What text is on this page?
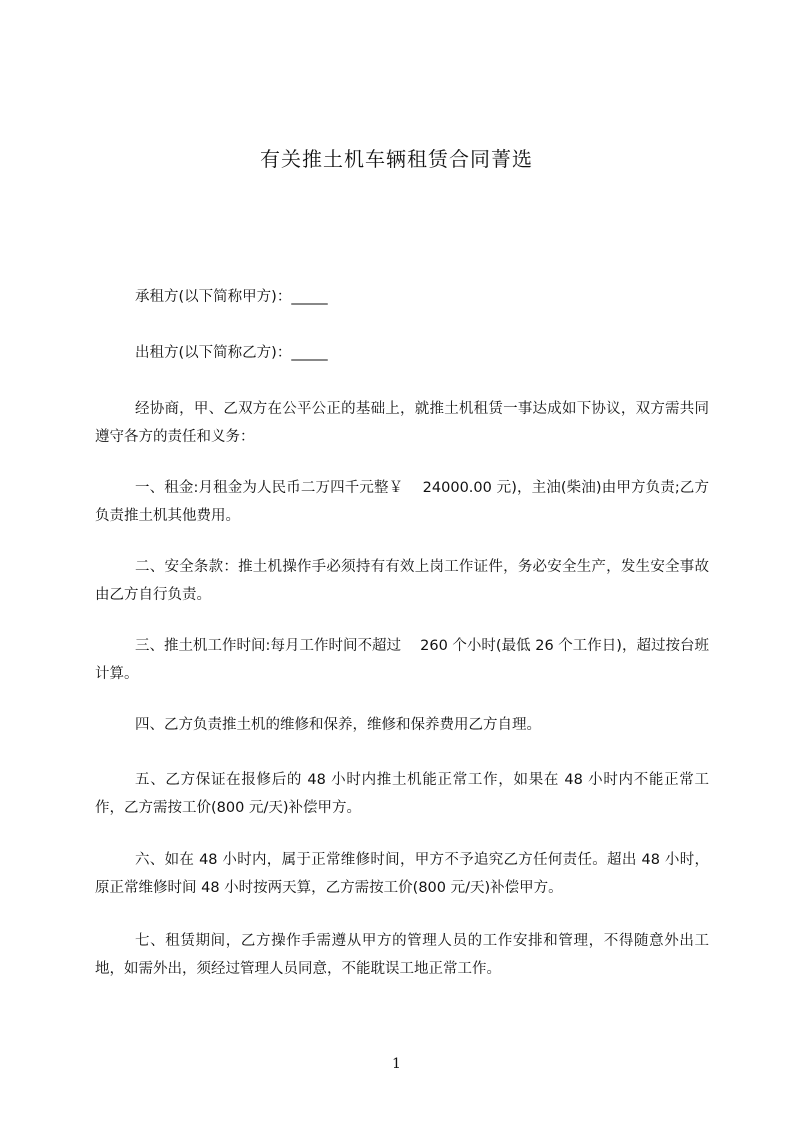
有关推土机车辆租赁合同菁选

承租方(以下简称甲方)：_____

出租方(以下简称乙方)：_____

经协商，甲、乙双方在公平公正的基础上，就推土机租赁一事达成如下协议，双方需共同遵守各方的责任和义务：

一、租金:月租金为人民币二万四千元整￥　 24000.00 元)，主油(柴油)由甲方负责;乙方负责推土机其他费用。

二、安全条款：推土机操作手必须持有有效上岗工作证件，务必安全生产，发生安全事故由乙方自行负责。

三、推土机工作时间:每月工作时间不超过　 260 个小时(最低 26 个工作日)，超过按台班计算。

四、乙方负责推土机的维修和保养，维修和保养费用乙方自理。

五、乙方保证在报修后的 48 小时内推土机能正常工作，如果在 48 小时内不能正常工作，乙方需按工价(800 元/天)补偿甲方。

六、如在 48 小时内，属于正常维修时间，甲方不予追究乙方任何责任。超出 48 小时，原正常维修时间 48 小时按两天算，乙方需按工价(800 元/天)补偿甲方。

七、租赁期间，乙方操作手需遵从甲方的管理人员的工作安排和管理，不得随意外出工地，如需外出，须经过管理人员同意，不能耽误工地正常工作。

1
